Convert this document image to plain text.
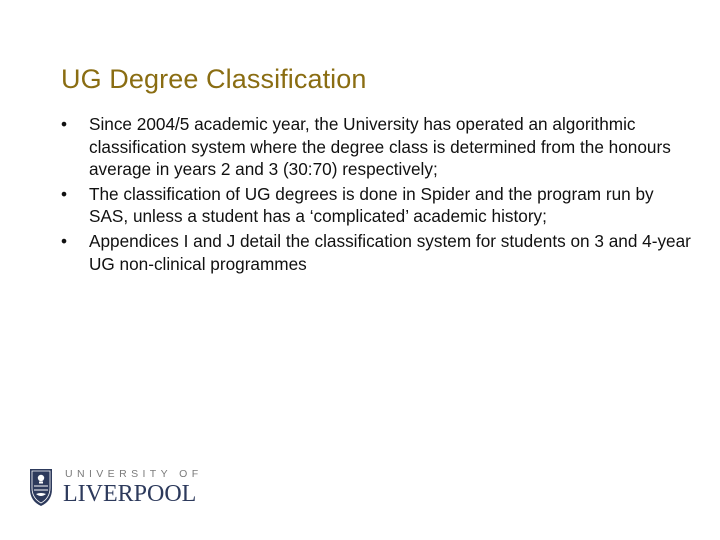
UG Degree Classification
• Since 2004/5 academic year, the University has operated an algorithmic classification system where the degree class is determined from the honours average in years 2 and 3 (30:70) respectively;
• The classification of UG degrees is done in Spider and the program run by SAS, unless a student has a ‘complicated’ academic history;
• Appendices I and J detail the classification system for students on 3 and 4-year UG non-clinical programmes
UNIVERSITY OF
LIVERPOOL
